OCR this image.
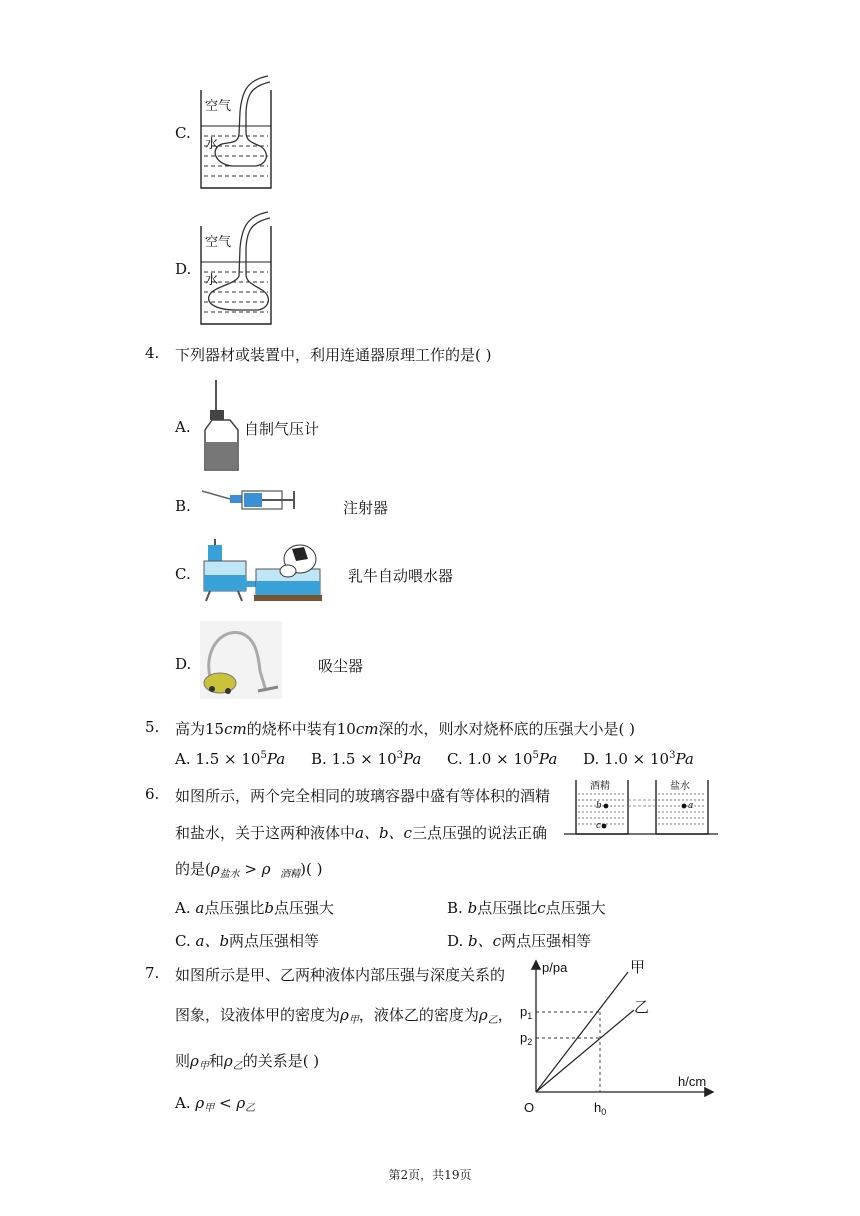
C.
空气
水
D.
空气
水
4. 下列器材或装置中，利用连通器原理工作的是( )
A.	自制气压计
B.	注射器
C.	乳牛自动喂水器
D.	吸尘器
5. 高为15cm的烧杯中装有10cm深的水，则水对烧杯底的压强大小是( )
A. $1.5 \times 10^5Pa$ B. $1.5 \times 10^3Pa$ C. $1.0 \times 10^5Pa$ D. $1.0 \times 10^3Pa$
6. 如图所示，两个完全相同的玻璃容器中盛有等体积的酒精
和盐水，关于这两种液体中a、b、c三点压强的说法正确
的是($\rho_{盐水} > \rho$ $_{酒精}$)( )
酒精	盐水
b
c
a
A. a点压强比b点压强大	B. b点压强比c点压强大
C. a、b两点压强相等	D. b、c两点压强相等
7. 如图所示是甲、乙两种液体内部压强与深度关系的
图象，设液体甲的密度为$\rho_甲$，液体乙的密度为$\rho_乙$，
则$\rho_甲$和$\rho_乙$的关系是( )
A. $\rho_甲 < \rho_乙$
p/pa
h/cm
O
$p_1$
$p_2$
$h_0$
甲
乙
第2页，共19页
